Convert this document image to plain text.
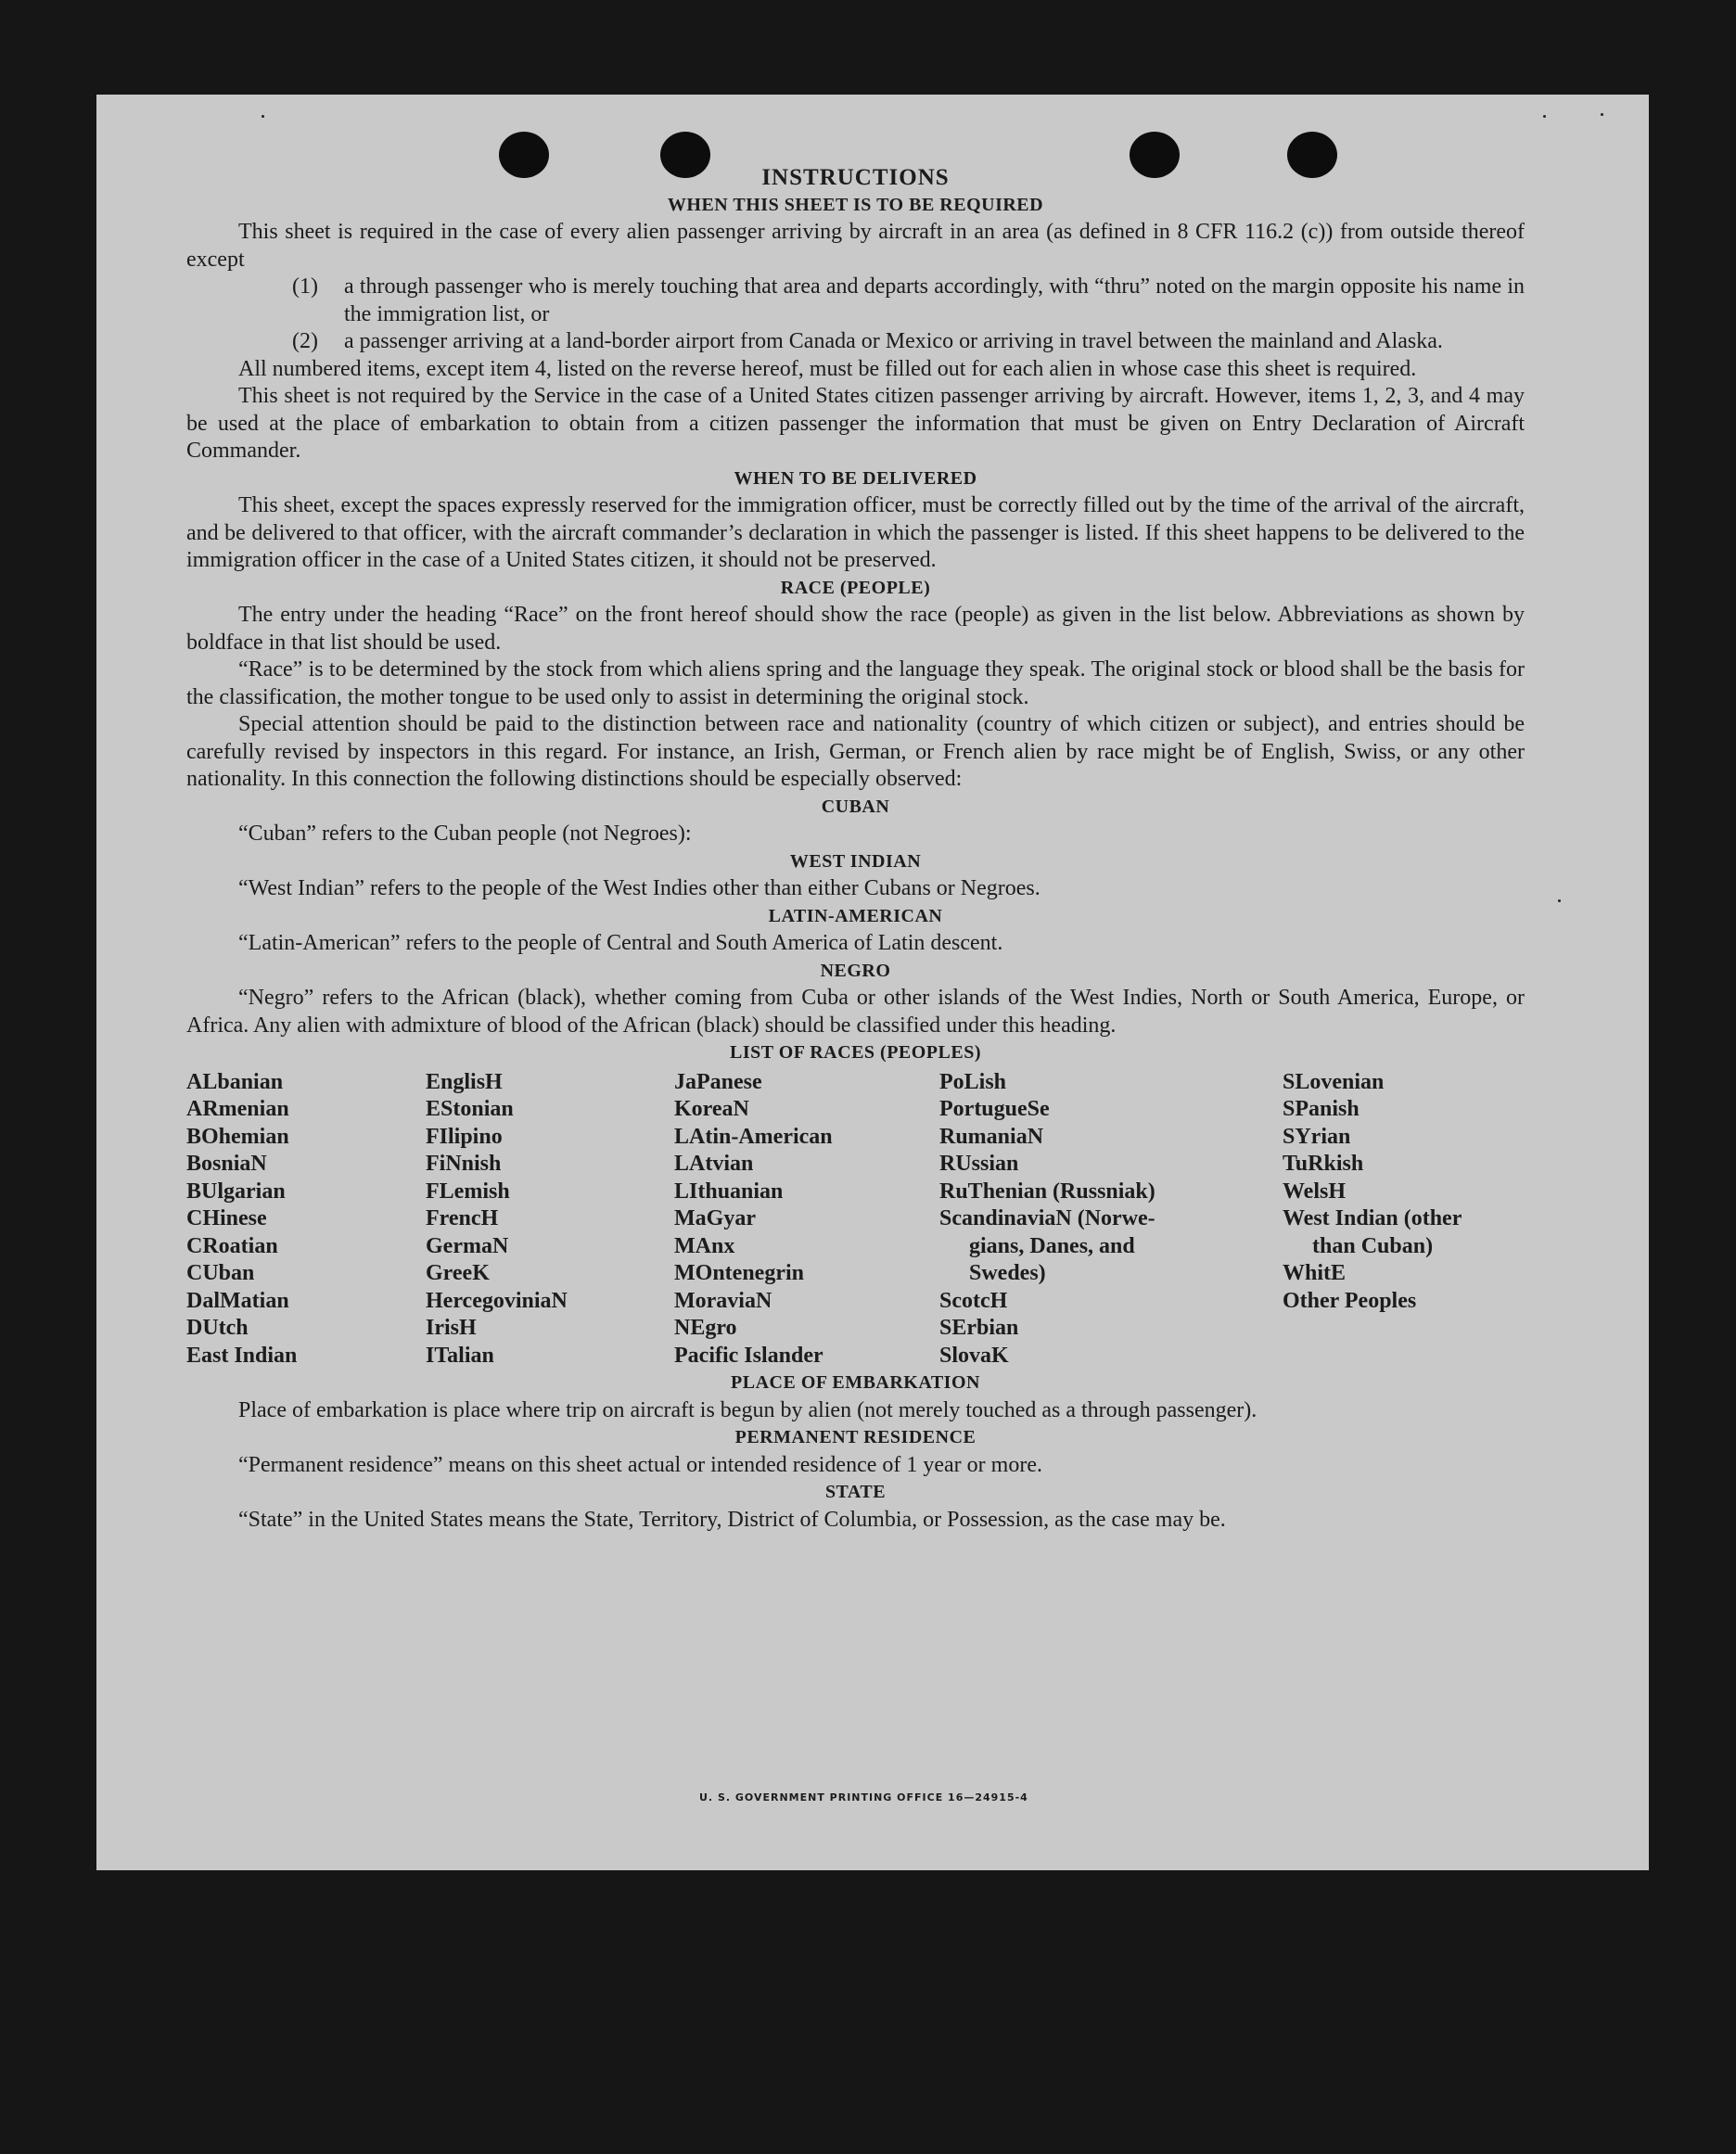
INSTRUCTIONS
WHEN THIS SHEET IS TO BE REQUIRED

This sheet is required in the case of every alien passenger arriving by aircraft in an area (as defined in 8 CFR 116.2 (c)) from outside thereof except

(1)	a through passenger who is merely touching that area and departs accordingly, with “thru” noted on the margin opposite his name in the immigration list, or
(2)	a passenger arriving at a land-border airport from Canada or Mexico or arriving in travel between the mainland and Alaska.

All numbered items, except item 4, listed on the reverse hereof, must be filled out for each alien in whose case this sheet is required.

This sheet is not required by the Service in the case of a United States citizen passenger arriving by aircraft. However, items 1, 2, 3, and 4 may be used at the place of embarkation to obtain from a citizen passenger the information that must be given on Entry Declaration of Aircraft Commander.

WHEN TO BE DELIVERED

This sheet, except the spaces expressly reserved for the immigration officer, must be correctly filled out by the time of the arrival of the aircraft, and be delivered to that officer, with the aircraft commander’s declaration in which the passenger is listed. If this sheet happens to be delivered to the immigration officer in the case of a United States citizen, it should not be preserved.

RACE (PEOPLE)

The entry under the heading “Race” on the front hereof should show the race (people) as given in the list below. Abbreviations as shown by boldface in that list should be used.

“Race” is to be determined by the stock from which aliens spring and the language they speak. The original stock or blood shall be the basis for the classification, the mother tongue to be used only to assist in determining the original stock.

Special attention should be paid to the distinction between race and nationality (country of which citizen or subject), and entries should be carefully revised by inspectors in this regard. For instance, an Irish, German, or French alien by race might be of English, Swiss, or any other nationality. In this connection the following distinctions should be especially observed:

CUBAN

“Cuban” refers to the Cuban people (not Negroes):

WEST INDIAN

“West Indian” refers to the people of the West Indies other than either Cubans or Negroes.

LATIN-AMERICAN

“Latin-American” refers to the people of Central and South America of Latin descent.

NEGRO

“Negro” refers to the African (black), whether coming from Cuba or other islands of the West Indies, North or South America, Europe, or Africa. Any alien with admixture of blood of the African (black) should be classified under this heading.

LIST OF RACES (PEOPLES)
ALbanian
ARmenian
BOhemian
BosniaN
BUlgarian
CHinese
CRoatian
CUban
DalMatian
DUtch
East Indian
EnglisH
EStonian
FIlipino
FiNnish
FLemish
FrencH
GermaN
GreeK
HercegoviniaN
IrisH
ITalian
JaPanese
KoreaN
LAtin-American
LAtvian
LIthuanian
MaGyar
MAnx
MOntenegrin
MoraviaN
NEgro
Pacific Islander
PoLish
PortugueSe
RumaniaN
RUssian
RuThenian (Russniak)
ScandinaviaN (Norwe-
gians, Danes, and
Swedes)
ScotcH
SErbian
SlovaK
SLovenian
SPanish
SYrian
TuRkish
WelsH
West Indian (other
than Cuban)
WhitE
Other Peoples
PLACE OF EMBARKATION

Place of embarkation is place where trip on aircraft is begun by alien (not merely touched as a through passenger).

PERMANENT RESIDENCE

“Permanent residence” means on this sheet actual or intended residence of 1 year or more.

STATE

“State” in the United States means the State, Territory, District of Columbia, or Possession, as the case may be.

U. S. GOVERNMENT PRINTING OFFICE 16—24915-4
